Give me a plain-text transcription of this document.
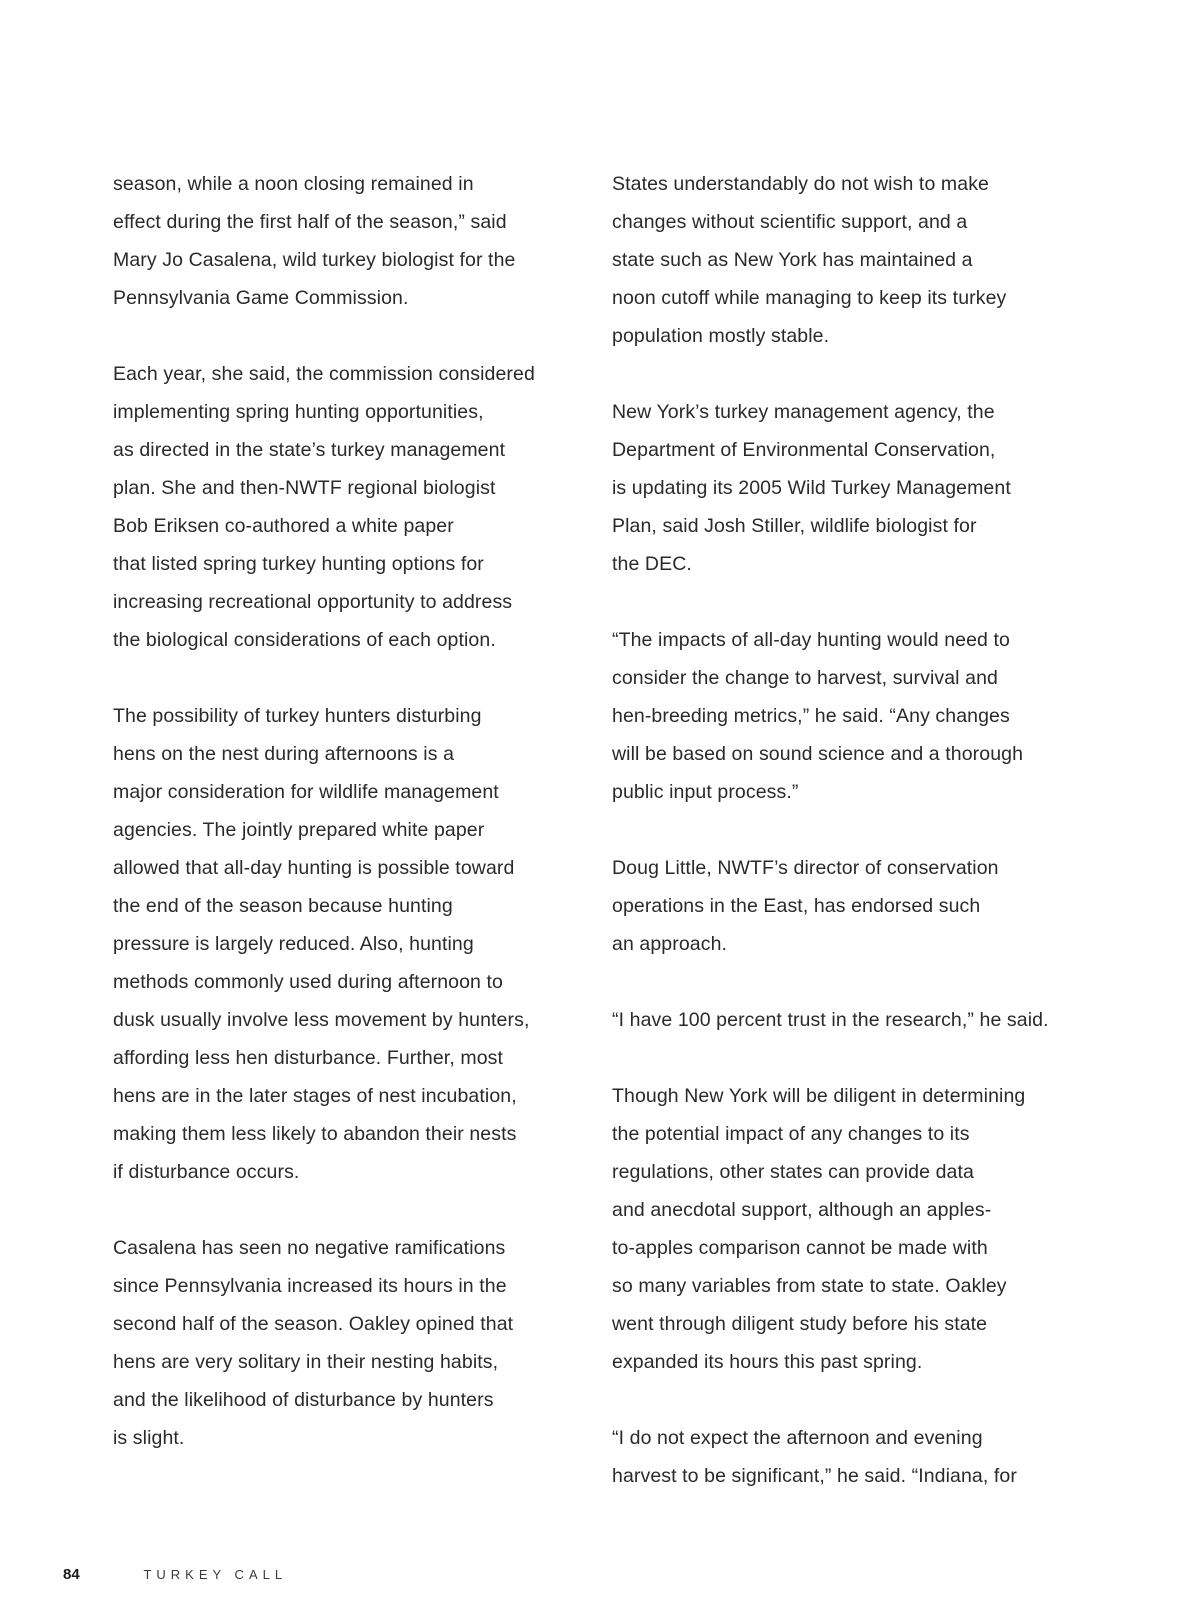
season, while a noon closing remained in
effect during the first half of the season,” said
Mary Jo Casalena, wild turkey biologist for the
Pennsylvania Game Commission.
Each year, she said, the commission considered
implementing spring hunting opportunities,
as directed in the state’s turkey management
plan. She and then-NWTF regional biologist
Bob Eriksen co-authored a white paper
that listed spring turkey hunting options for
increasing recreational opportunity to address
the biological considerations of each option.
The possibility of turkey hunters disturbing
hens on the nest during afternoons is a
major consideration for wildlife management
agencies. The jointly prepared white paper
allowed that all-day hunting is possible toward
the end of the season because hunting
pressure is largely reduced. Also, hunting
methods commonly used during afternoon to
dusk usually involve less movement by hunters,
affording less hen disturbance. Further, most
hens are in the later stages of nest incubation,
making them less likely to abandon their nests
if disturbance occurs.
Casalena has seen no negative ramifications
since Pennsylvania increased its hours in the
second half of the season. Oakley opined that
hens are very solitary in their nesting habits,
and the likelihood of disturbance by hunters
is slight.
States understandably do not wish to make
changes without scientific support, and a
state such as New York has maintained a
noon cutoff while managing to keep its turkey
population mostly stable.
New York’s turkey management agency, the
Department of Environmental Conservation,
is updating its 2005 Wild Turkey Management
Plan, said Josh Stiller, wildlife biologist for
the DEC.
“The impacts of all-day hunting would need to
consider the change to harvest, survival and
hen-breeding metrics,” he said. “Any changes
will be based on sound science and a thorough
public input process.”
Doug Little, NWTF’s director of conservation
operations in the East, has endorsed such
an approach.
“I have 100 percent trust in the research,” he said.
Though New York will be diligent in determining
the potential impact of any changes to its
regulations, other states can provide data
and anecdotal support, although an apples-
to-apples comparison cannot be made with
so many variables from state to state. Oakley
went through diligent study before his state
expanded its hours this past spring.
“I do not expect the afternoon and evening
harvest to be significant,” he said. “Indiana, for
84	TURKEY CALL
